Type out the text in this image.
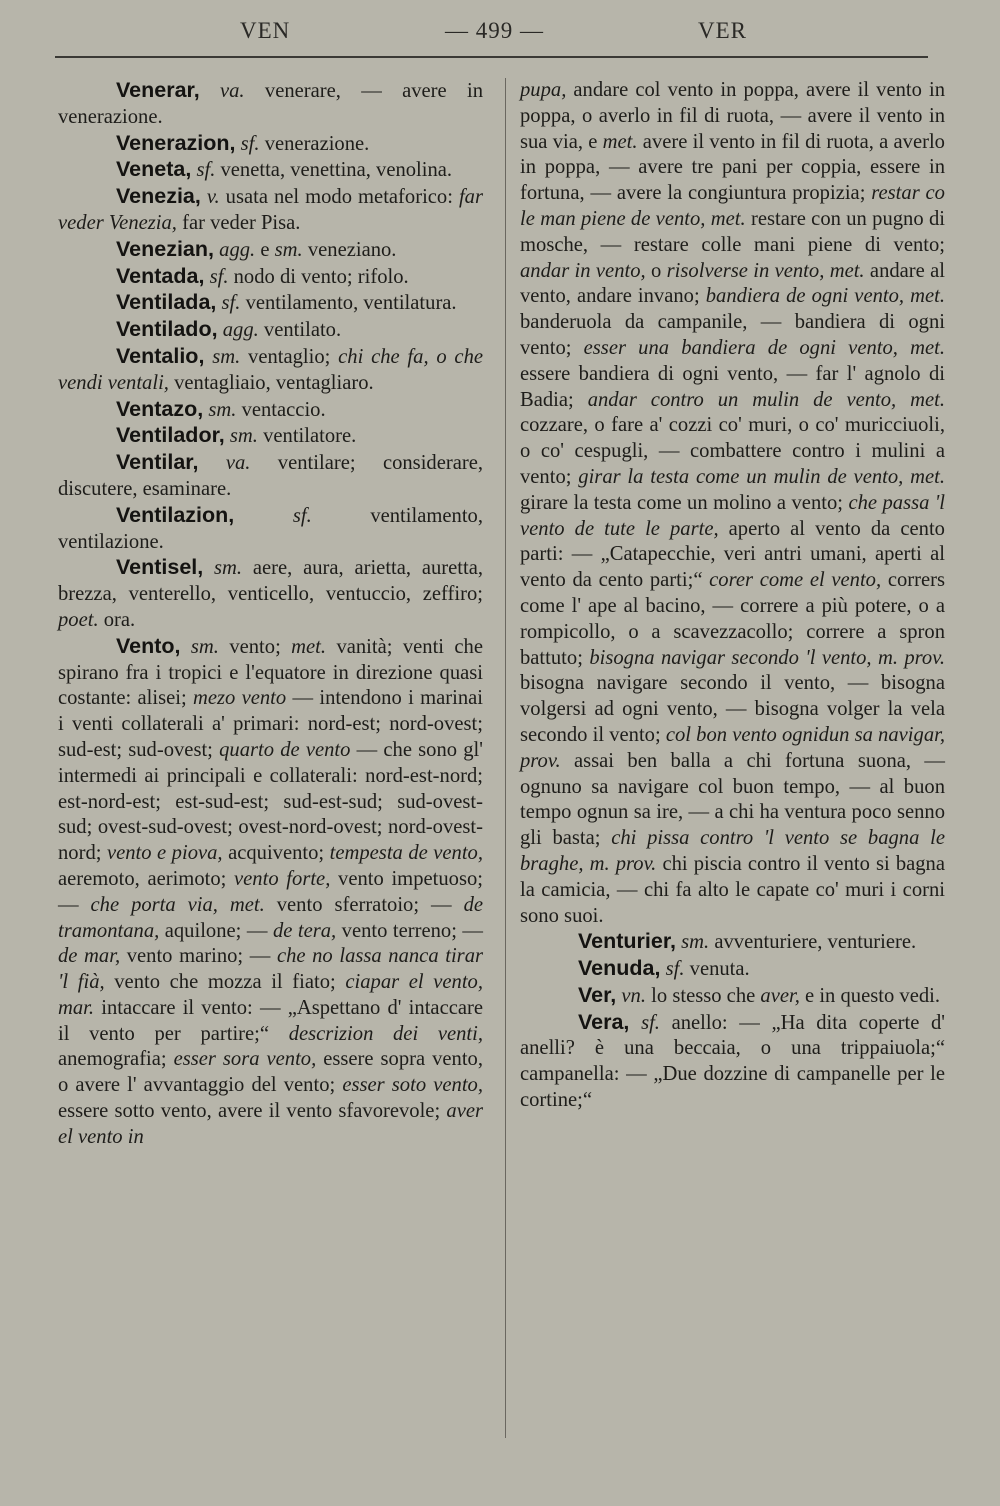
VEN	— 499 —	VER

Venerar, va. venerare, — avere in venerazione.

Venerazion, sf. venerazione.

Veneta, sf. venetta, venettina, venolina.

Venezia, v. usata nel modo metaforico: far veder Venezia, far veder Pisa.

Venezian, agg. e sm. veneziano.

Ventada, sf. nodo di vento; rifolo.

Ventilada, sf. ventilamento, ventilatura.

Ventilado, agg. ventilato.

Ventalio, sm. ventaglio; chi che fa, o che vendi ventali, ventagliaio, ventagliaro.

Ventazo, sm. ventaccio.

Ventilador, sm. ventilatore.

Ventilar, va. ventilare; considerare, discutere, esaminare.

Ventilazion,	sf. ventilamento, ventilazione.

Ventisel, sm. aere, aura, arietta, auretta, brezza, venterello, venticello, ventuccio, zeffiro; poet. ora.

Vento, sm. vento; met. vanità; venti che spirano fra i tropici e l'equatore in direzione quasi costante: alisei; mezo vento — intendono i marinai i venti collaterali a' primari: nord-est; nord-ovest; sud-est; sud-ovest; quarto de vento — che sono gl' intermedi ai principali e collaterali: nord-est-nord; est-nord-est; est-sud-est; sud-est-sud; sud-ovest-sud; ovest-sud-ovest; ovest-nord-ovest; nord-ovest-nord; vento e piova, acquivento; tempesta de vento, aeremoto, aerimoto; vento forte, vento impetuoso; — che porta via, met. vento sferratoio; — de tramontana, aquilone; — de tera, vento terreno; — de mar, vento marino; — che no lassa nanca tirar 'l fià, vento che mozza il fiato; ciapar el vento, mar. intaccare il vento: — „Aspettano d' intaccare il vento per partire;“ descrizion dei venti, anemografia; esser sora vento, essere sopra vento, o avere l' avvantaggio del vento; esser soto vento, essere sotto vento, avere il vento sfavorevole; aver el vento in

pupa, andare col vento in poppa, avere il vento in poppa, o averlo in fil di ruota, — avere il vento in sua via, e met. avere il vento in fil di ruota, a averlo in poppa, — avere tre pani per coppia, essere in fortuna, — avere la congiuntura propizia; restar co le man piene de vento, met. restare con un pugno di mosche, — restare colle mani piene di vento; andar in vento, o risolverse in vento, met. andare al vento, andare invano; bandiera de ogni vento, met. banderuola da campanile, — bandiera di ogni vento; esser una bandiera de ogni vento, met. essere bandiera di ogni vento, — far l' agnolo di Badia; andar contro un mulin de vento, met. cozzare, o fare a' cozzi co' muri, o co' muricciuoli, o co' cespugli, — combattere contro i mulini a vento; girar la testa come un mulin de vento, met. girare la testa come un molino a vento; che passa 'l vento de tute le parte, aperto al vento da cento parti: — „Catapecchie, veri antri umani, aperti al vento da cento parti;“ corer come el vento, corrers come l' ape al bacino, — correre a più potere, o a rompicollo, o a scavezzacollo; correre a spron battuto; bisogna navigar secondo 'l vento, m. prov. bisogna navigare secondo il vento, — bisogna volgersi ad ogni vento, — bisogna volger la vela secondo il vento; col bon vento ognidun sa navigar, prov. assai ben balla a chi fortuna suona, — ognuno sa navigare col buon tempo, — al buon tempo ognun sa ire, — a chi ha ventura poco senno gli basta; chi pissa contro 'l vento se bagna le braghe, m. prov. chi piscia contro il vento si bagna la camicia, — chi fa alto le capate co' muri i corni sono suoi.

Venturier, sm. avventuriere, venturiere.

Venuda, sf. venuta.

Ver, vn. lo stesso che aver, e in questo vedi.

Vera, sf. anello: — „Ha dita coperte d' anelli? è una beccaia, o una trippaiuola;“ campanella: — „Due dozzine di campanelle per le cortine;“
